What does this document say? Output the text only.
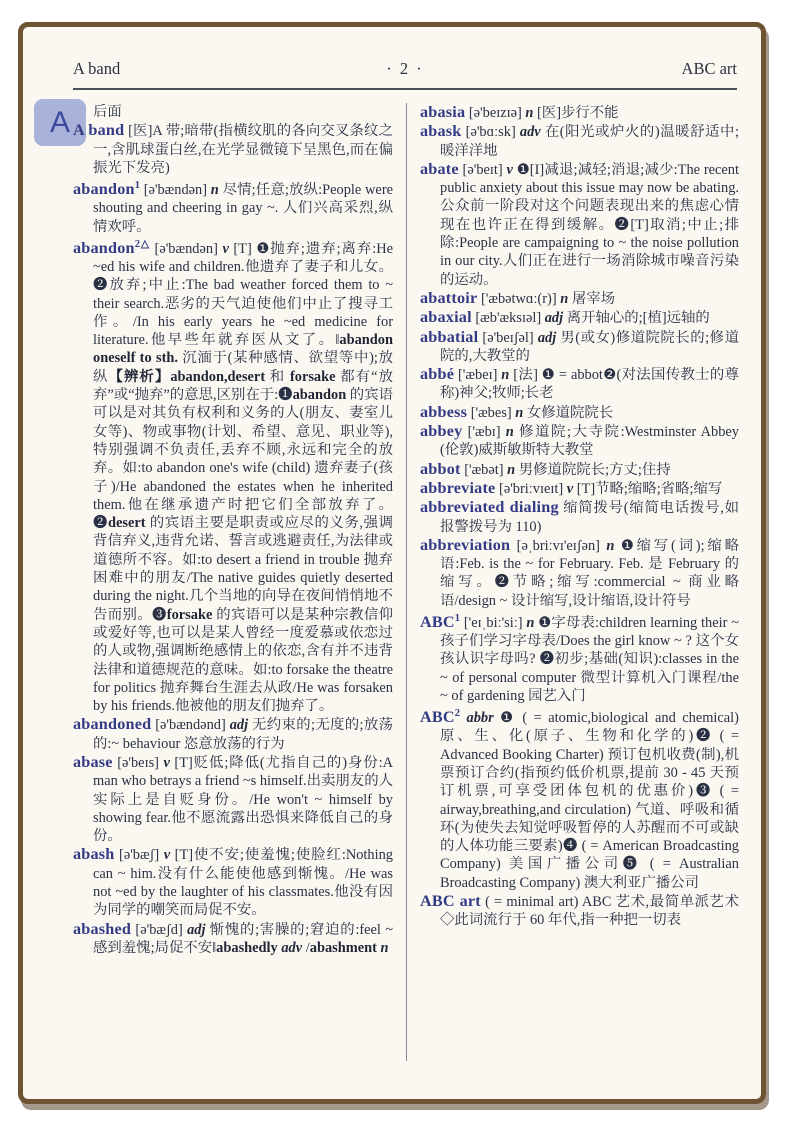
A band	· 2 ·	ABC art
A	后面
A band [医]A 带;暗带(指横纹肌的各向交叉条纹之一,含肌球蛋白丝,在光学显微镜下呈黑色,而在偏振光下发亮)
abandon$^1$ [ə'bændən] n 尽情;任意;放纵:People were shouting and cheering in gay ~. 人们兴高采烈,纵情欢呼。
abandon$^{2\triangle}$ [ə'bændən] v [T] ❶抛弃;遗弃;离弃:He ~ed his wife and children.他遗弃了妻子和儿女。❷放弃;中止:The bad weather forced them to ~ their search.恶劣的天气迫使他们中止了搜寻工作。/In his early years he ~ed medicine for literature.他早些年就弃医从文了。‖abandon oneself to sth. 沉湎于(某种感情、欲望等中);放纵【辨析】abandon,desert 和 forsake 都有“放弃”或“抛弃”的意思,区别在于:❶abandon 的宾语可以是对其负有权利和义务的人(朋友、妻室儿女等)、物或事物(计划、希望、意见、职业等),特别强调不负责任,丢弃不顾,永远和完全的放弃。如:to abandon one's wife (child) 遗弃妻子(孩子)/He abandoned the estates when he inherited them.他在继承遗产时把它们全部放弃了。❷desert 的宾语主要是职责或应尽的义务,强调背信弃义,违背允诺、誓言或逃避责任,为法律或道德所不容。如:to desert a friend in trouble 抛弃困难中的朋友/The native guides quietly deserted during the night.几个当地的向导在夜间悄悄地不告而别。❸forsake 的宾语可以是某种宗教信仰或爱好等,也可以是某人曾经一度爱慕或依恋过的人或物,强调断绝感情上的依恋,含有并不违背法律和道德规范的意味。如:to forsake the theatre for politics 抛弃舞台生涯去从政/He was forsaken by his friends.他被他的朋友们抛弃了。
abandoned [ə'bændənd] adj 无约束的;无度的;放荡的:~ behaviour 恣意放荡的行为
abase [ə'beɪs] v [T]贬低;降低(尤指自己的)身份:A man who betrays a friend ~s himself.出卖朋友的人实际上是自贬身份。/He won't ~ himself by showing fear.他不愿流露出恐惧来降低自己的身份。
abash [ə'bæʃ] v [T]使不安;使羞愧;使脸红:Nothing can ~ him.没有什么能使他感到惭愧。/He was not ~ed by the laughter of his classmates.他没有因为同学的嘲笑而局促不安。
abashed [ə'bæʃd] adj 惭愧的;害臊的;窘迫的:feel ~ 感到羞愧;局促不安‖abashedly adv /abashment n
abasia [ə'beɪzɪə] n [医]步行不能
abask [ə'bɑːsk] adv 在(阳光或炉火的)温暖舒适中;暖洋洋地
abate [ə'beɪt] v ❶[I]减退;减轻;消退;减少:The recent public anxiety about this issue may now be abating.公众前一阶段对这个问题表现出来的焦虑心情现在也许正在得到缓解。❷[T]取消;中止;排除:People are campaigning to ~ the noise pollution in our city.人们正在进行一场消除城市噪音污染的运动。
abattoir ['æbətwɑː(r)] n 屠宰场
abaxial [æb'æksɪəl] adj 离开轴心的;[植]远轴的
abbatial [ə'beɪʃəl] adj 男(或女)修道院院长的;修道院的,大教堂的
abbé ['æbeɪ] n [法] ❶ = abbot❷(对法国传教士的尊称)神父;牧师;长老
abbess ['æbes] n 女修道院院长
abbey ['æbɪ] n 修道院;大寺院:Westminster Abbey (伦敦)威斯敏斯特大教堂
abbot ['æbət] n 男修道院院长;方丈;住持
abbreviate [ə'briːvɪeɪt] v [T]节略;缩略;省略;缩写
abbreviated dialing 缩简拨号(缩简电话拨号,如报警拨号为 110)
abbreviation [əˌbriːvɪ'eɪʃən] n ❶缩写(词);缩略语:Feb. is the ~ for February. Feb. 是 February 的缩写。❷节略;缩写:commercial ~ 商业略语/design ~ 设计缩写,设计缩语,设计符号
ABC$^1$ ['eɪˌbiː'siː] n ❶字母表:children learning their ~ 孩子们学习字母表/Does the girl know ~ ? 这个女孩认识字母吗? ❷初步;基础(知识):classes in the ~ of personal computer 微型计算机入门课程/the ~ of gardening 园艺入门
ABC$^2$ abbr ❶ ( = atomic,biological and chemical) 原、生、化(原子、生物和化学的)❷ ( = Advanced Booking Charter) 预订包机收费(制),机票预订合约(指预约低价机票,提前 30 - 45 天预订机票,可享受团体包机的优惠价)❸ ( = airway,breathing,and circulation) 气道、呼吸和循环(为使失去知觉呼吸暂停的人苏醒而不可或缺的人体功能三要素)❹ ( = American Broadcasting Company) 美国广播公司❺ ( = Australian Broadcasting Company) 澳大利亚广播公司
ABC art ( = minimal art) ABC 艺术,最简单派艺术◇此词流行于 60 年代,指一种把一切表
